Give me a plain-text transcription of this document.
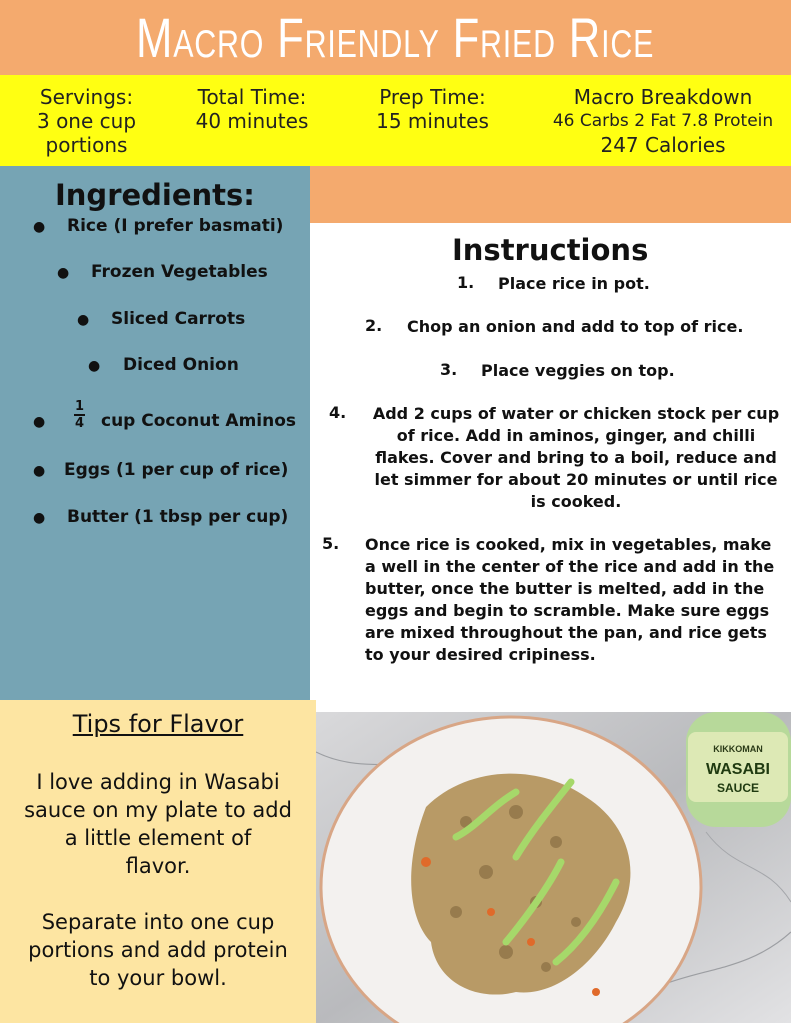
Macro Friendly Fried Rice
Servings:
3 one cup
portions
Total Time:
40 minutes
Prep Time:
15 minutes
Macro Breakdown
46 Carbs 2 Fat 7.8 Protein
247 Calories
Ingredients:
● Rice (I prefer basmati)
● Frozen Vegetables
● Sliced Carrots
● Diced Onion
●
1
4 cup Coconut Aminos
● Eggs (1 per cup of rice)
● Butter (1 tbsp per cup)
Instructions
1. Place rice in pot.
2. Chop an onion and add to top of rice.
3. Place veggies on top.
4.	Add 2 cups of water or chicken stock per cup
of rice. Add in aminos, ginger, and chilli
flakes. Cover and bring to a boil, reduce and
let simmer for about 20 minutes or until rice
is cooked.
5. Once rice is cooked, mix in vegetables, make
a well in the center of the rice and add in the
butter, once the butter is melted, add in the
eggs and begin to scramble. Make sure eggs
are mixed throughout the pan, and rice gets
to your desired cripiness.
Tips for Flavor
I love adding in Wasabi
sauce on my plate to add
a little element of
flavor.
Separate into one cup
portions and add protein
to your bowl.
KIKKOMAN
WASABI
SAUCE
